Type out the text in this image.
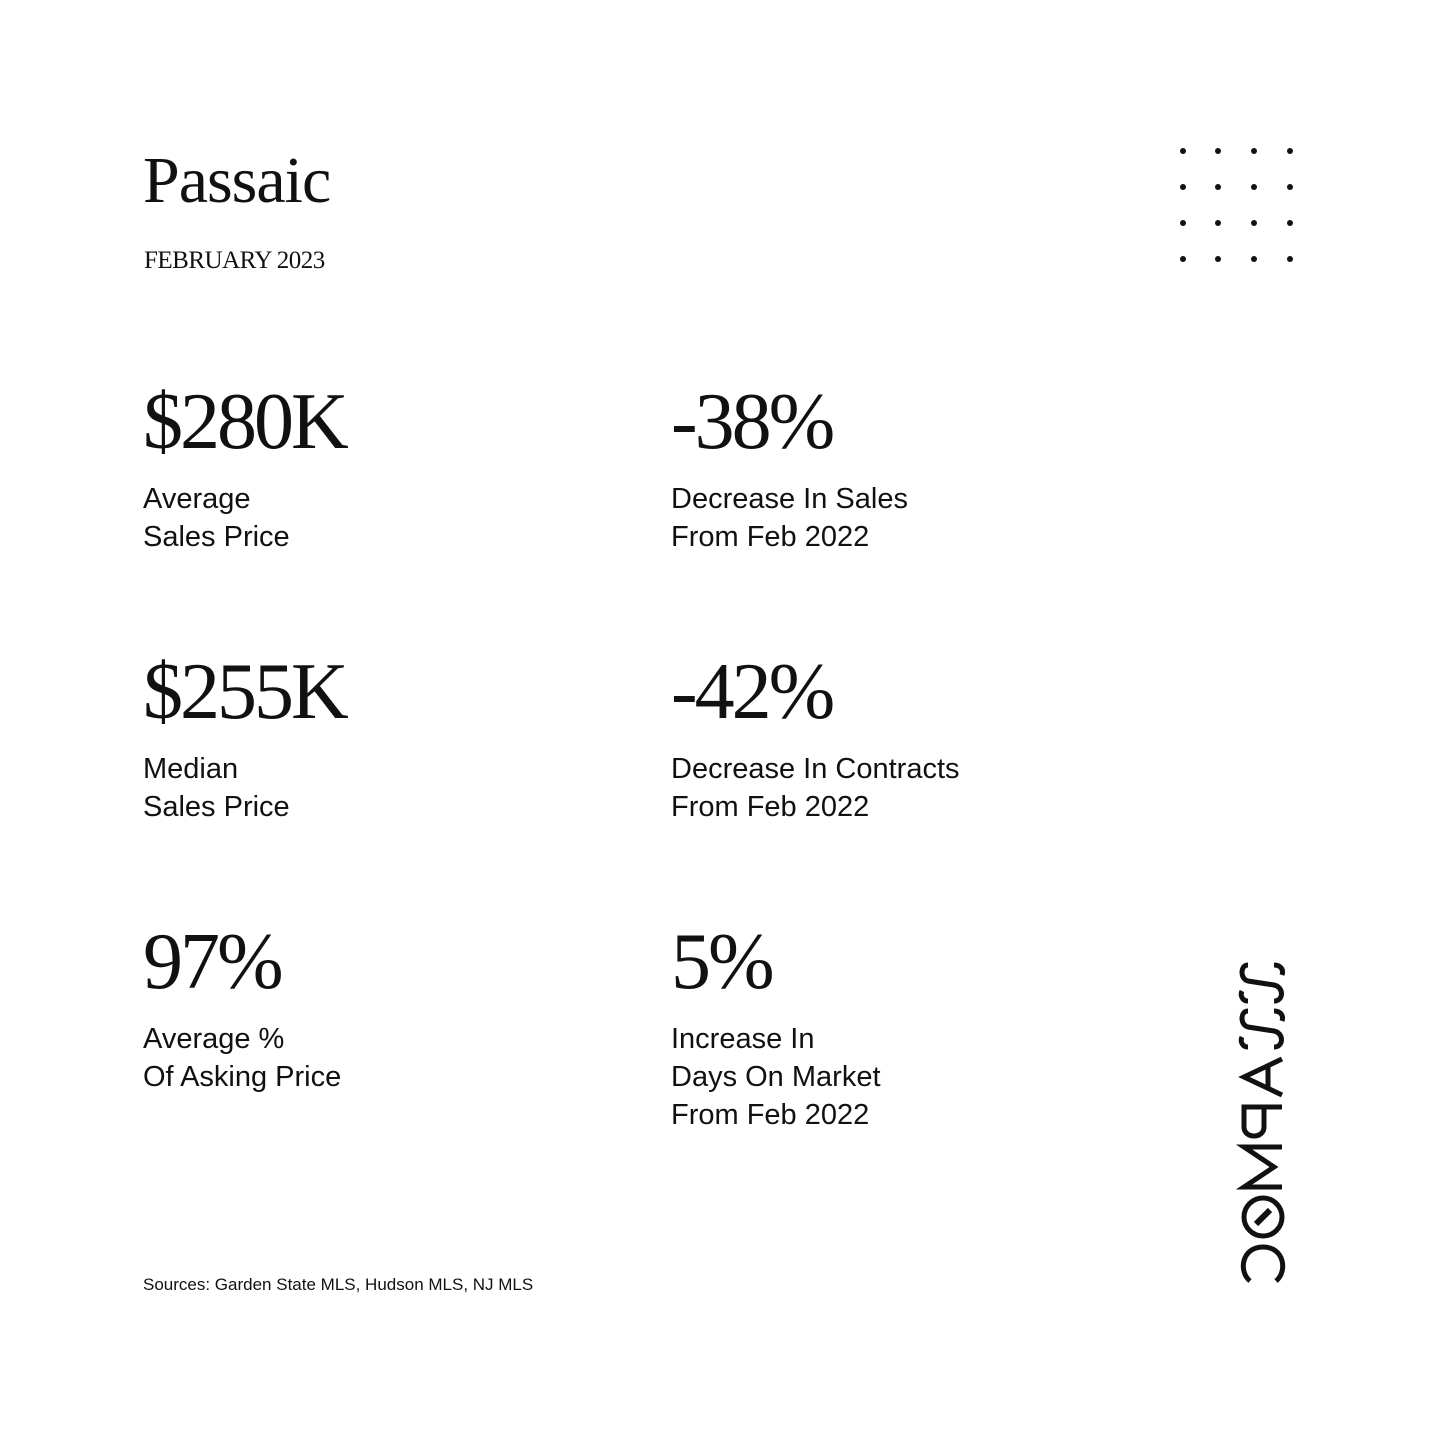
Passaic
FEBRUARY 2023
$280K
Average
Sales Price
-38%
Decrease In Sales
From Feb 2022
$255K
Median
Sales Price
-42%
Decrease In Contracts
From Feb 2022
97%
Average %
Of Asking Price
5%
Increase In
Days On Market
From Feb 2022
Sources: Garden State MLS, Hudson MLS, NJ MLS
